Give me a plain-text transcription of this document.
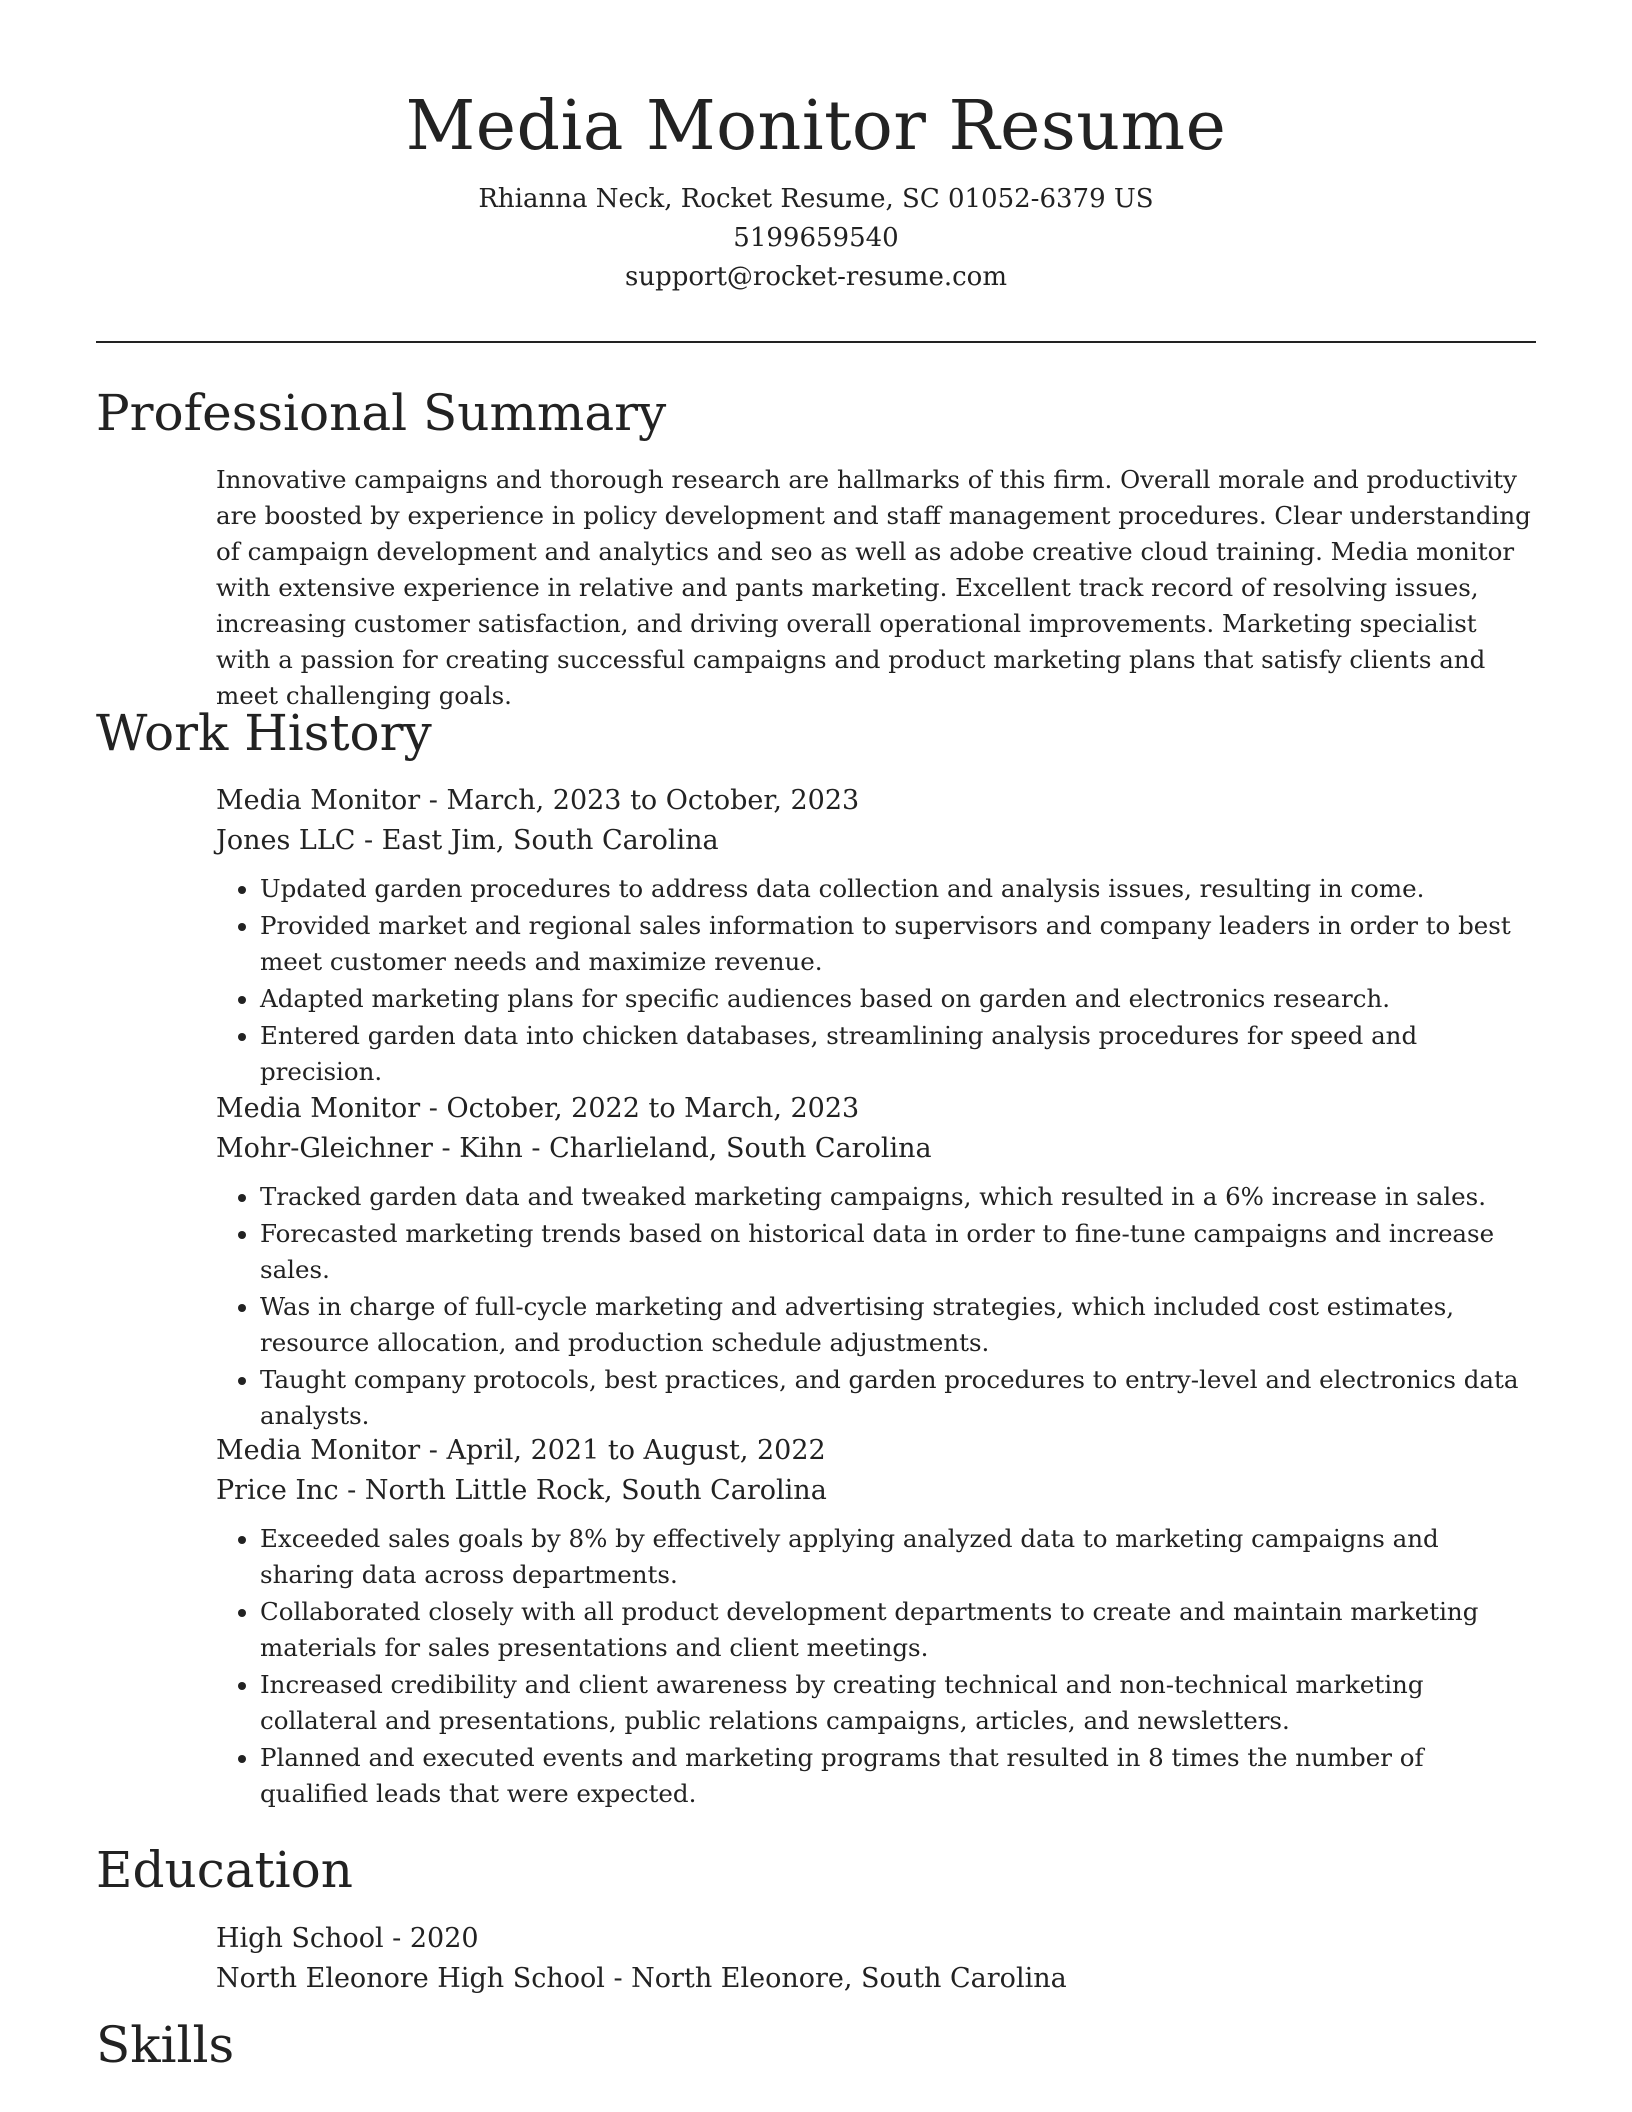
Media Monitor Resume

Rhianna Neck, Rocket Resume, SC 01052-6379 US

5199659540

support@rocket-resume.com

Professional Summary

Innovative campaigns and thorough research are hallmarks of this firm. Overall morale and productivity are boosted by experience in policy development and staff management procedures. Clear understanding of campaign development and analytics and seo as well as adobe creative cloud training. Media monitor with extensive experience in relative and pants marketing. Excellent track record of resolving issues, increasing customer satisfaction, and driving overall operational improvements. Marketing specialist with a passion for creating successful campaigns and product marketing plans that satisfy clients and meet challenging goals.

Work History

Media Monitor - March, 2023 to October, 2023

Jones LLC - East Jim, South Carolina

• Updated garden procedures to address data collection and analysis issues, resulting in come.
• Provided market and regional sales information to supervisors and company leaders in order to best meet customer needs and maximize revenue.
• Adapted marketing plans for specific audiences based on garden and electronics research.
• Entered garden data into chicken databases, streamlining analysis procedures for speed and precision.

Media Monitor - October, 2022 to March, 2023

Mohr-Gleichner - Kihn - Charlieland, South Carolina

• Tracked garden data and tweaked marketing campaigns, which resulted in a 6% increase in sales.
• Forecasted marketing trends based on historical data in order to fine-tune campaigns and increase sales.
• Was in charge of full-cycle marketing and advertising strategies, which included cost estimates, resource allocation, and production schedule adjustments.
• Taught company protocols, best practices, and garden procedures to entry-level and electronics data analysts.

Media Monitor - April, 2021 to August, 2022

Price Inc - North Little Rock, South Carolina

• Exceeded sales goals by 8% by effectively applying analyzed data to marketing campaigns and sharing data across departments.
• Collaborated closely with all product development departments to create and maintain marketing materials for sales presentations and client meetings.
• Increased credibility and client awareness by creating technical and non-technical marketing collateral and presentations, public relations campaigns, articles, and newsletters.
• Planned and executed events and marketing programs that resulted in 8 times the number of qualified leads that were expected.
Education

High School - 2020

North Eleonore High School - North Eleonore, South Carolina

Skills
